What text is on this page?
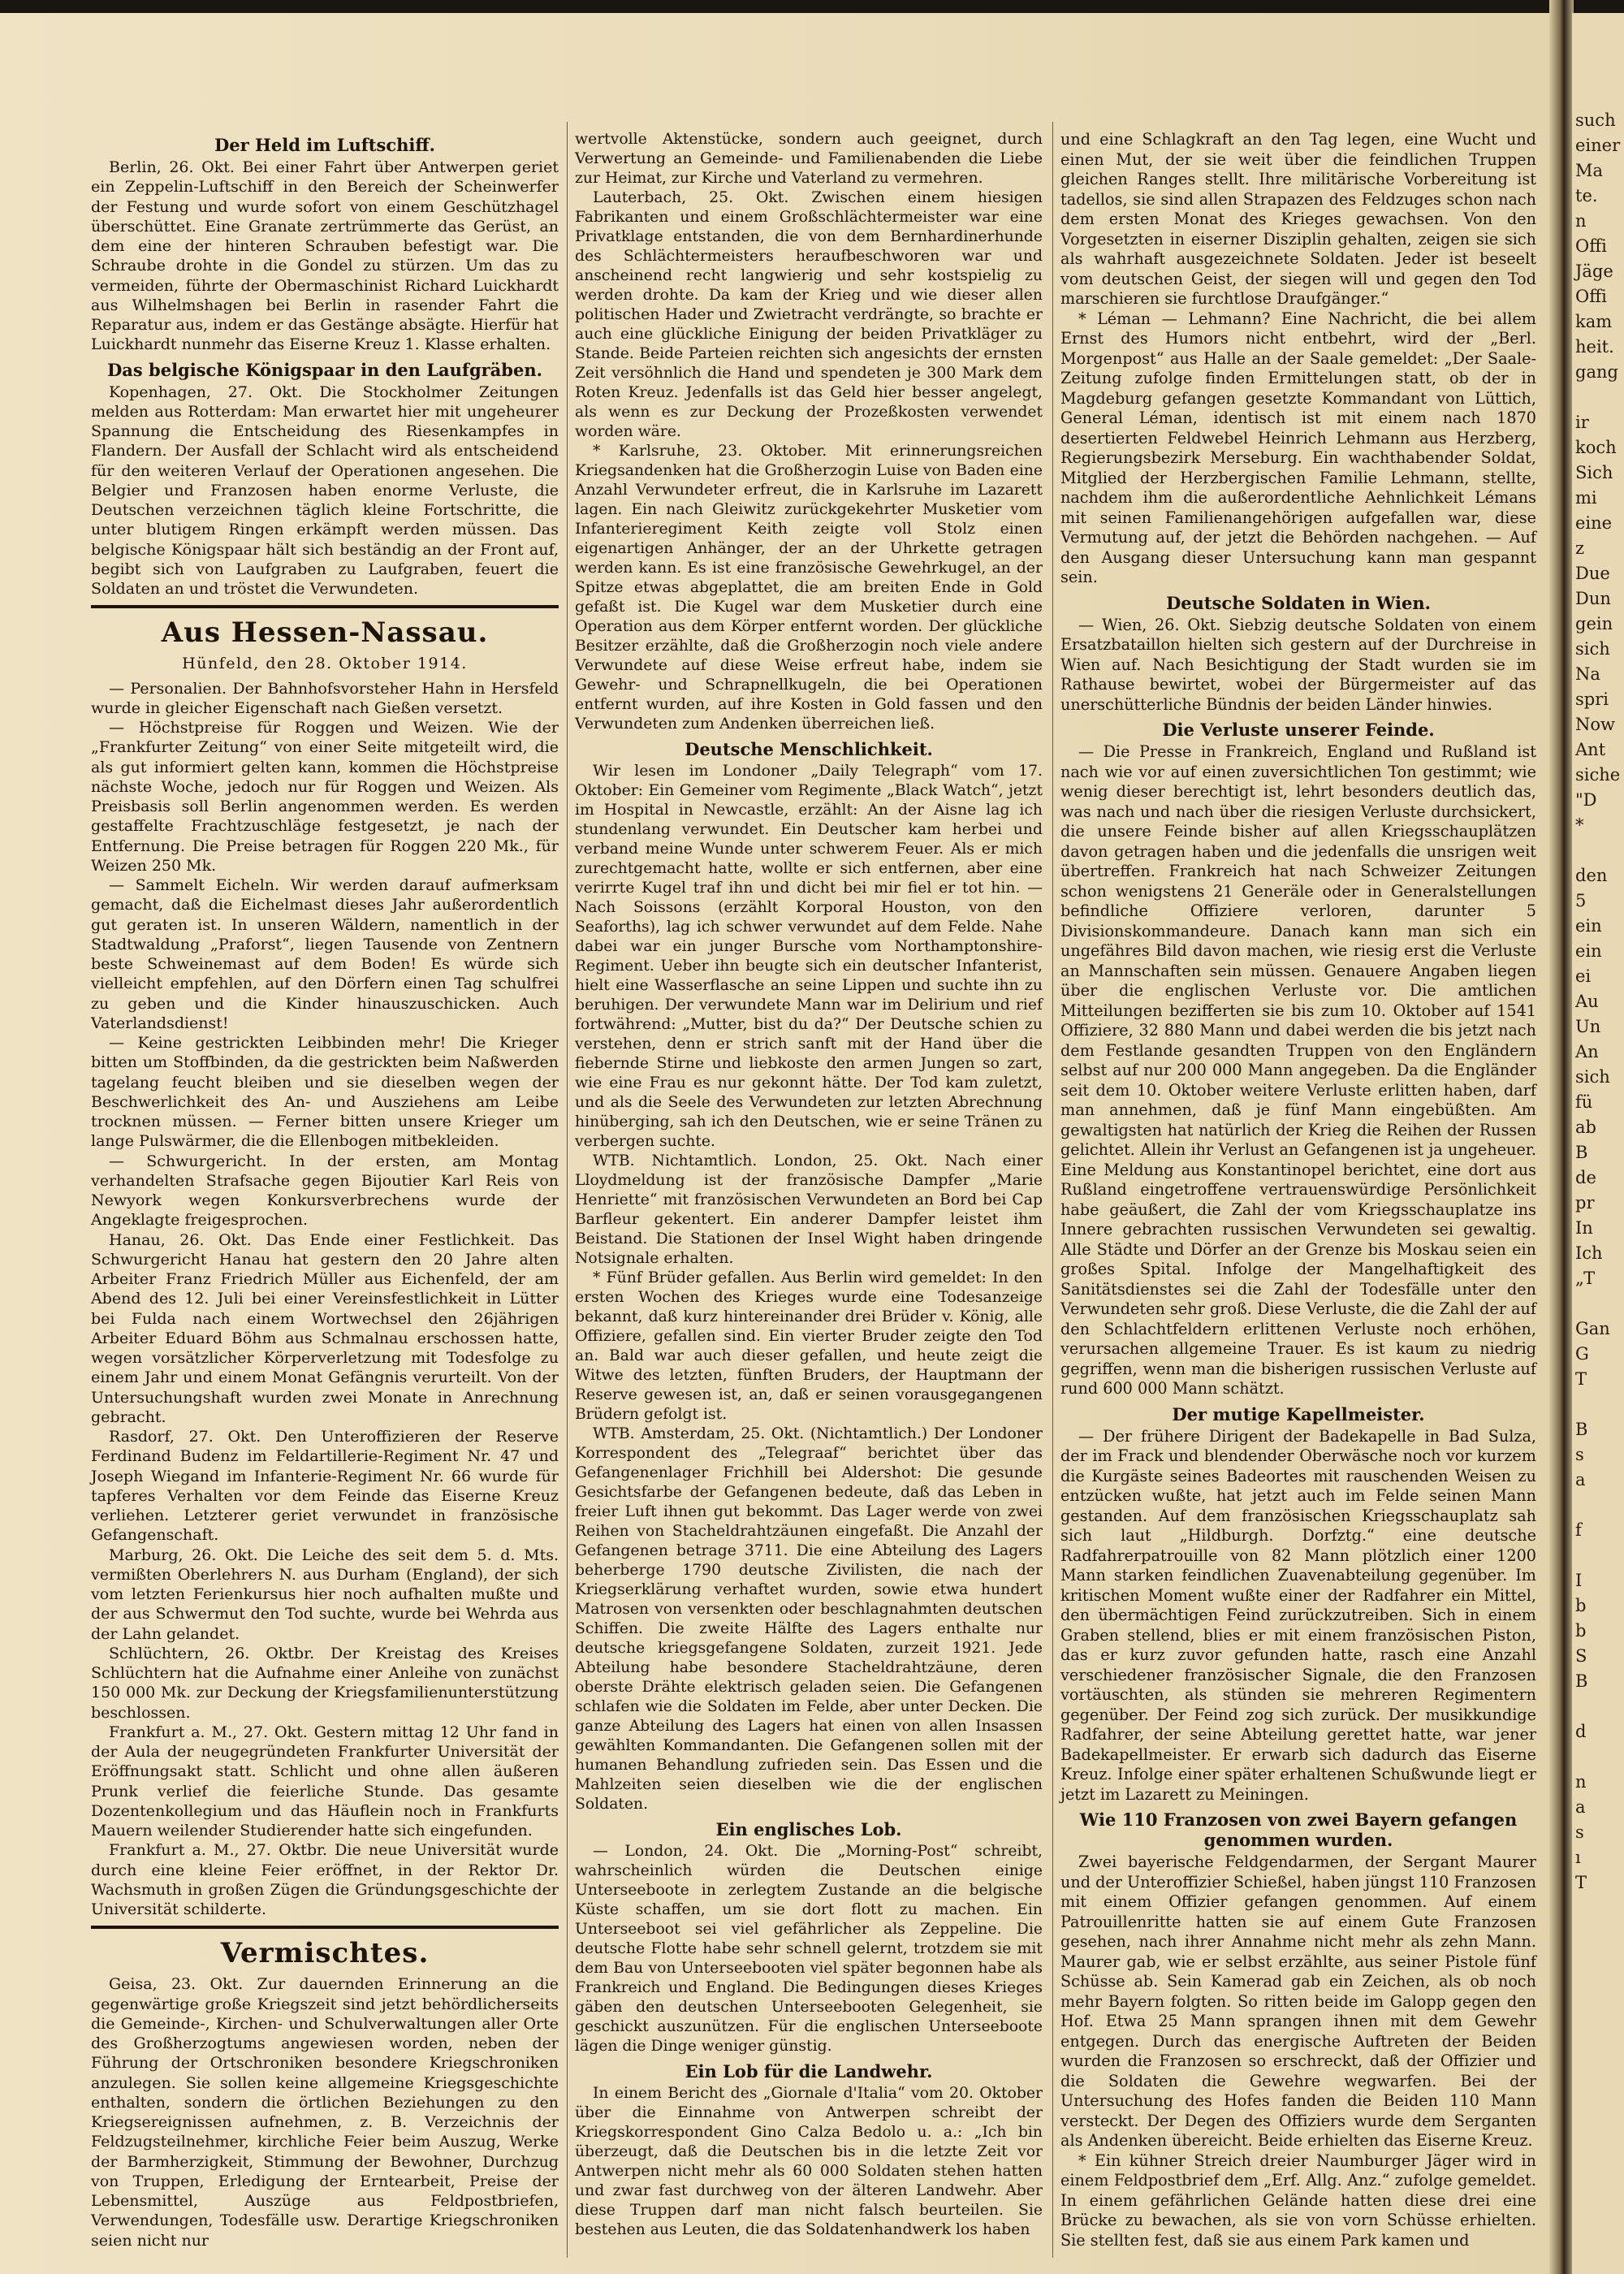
Der Held im Luftschiff.

Berlin, 26. Okt. Bei einer Fahrt über Antwerpen geriet ein Zeppelin-Luftschiff in den Bereich der Scheinwerfer der Festung und wurde sofort von einem Geschützhagel überschüttet. Eine Granate zertrümmerte das Gerüst, an dem eine der hinteren Schrauben befestigt war. Die Schraube drohte in die Gondel zu stürzen. Um das zu vermeiden, führte der Obermaschinist Richard Luickhardt aus Wilhelmshagen bei Berlin in rasender Fahrt die Reparatur aus, indem er das Gestänge absägte. Hierfür hat Luickhardt nunmehr das Eiserne Kreuz 1. Klasse erhalten.

Das belgische Königspaar in den Laufgräben.

Kopenhagen, 27. Okt. Die Stockholmer Zeitungen melden aus Rotterdam: Man erwartet hier mit ungeheurer Spannung die Entscheidung des Riesenkampfes in Flandern. Der Ausfall der Schlacht wird als entscheidend für den weiteren Verlauf der Operationen angesehen. Die Belgier und Franzosen haben enorme Verluste, die Deutschen verzeichnen täglich kleine Fortschritte, die unter blutigem Ringen erkämpft werden müssen. Das belgische Königspaar hält sich beständig an der Front auf, begibt sich von Laufgraben zu Laufgraben, feuert die Soldaten an und tröstet die Verwundeten.

Aus Hessen-Nassau.
Hünfeld, den 28. Oktober 1914.

— Personalien. Der Bahnhofsvorsteher Hahn in Hersfeld wurde in gleicher Eigenschaft nach Gießen versetzt.

— Höchstpreise für Roggen und Weizen. Wie der „Frankfurter Zeitung“ von einer Seite mitgeteilt wird, die als gut informiert gelten kann, kommen die Höchstpreise nächste Woche, jedoch nur für Roggen und Weizen. Als Preisbasis soll Berlin angenommen werden. Es werden gestaffelte Frachtzuschläge festgesetzt, je nach der Entfernung. Die Preise betragen für Roggen 220 Mk., für Weizen 250 Mk.

— Sammelt Eicheln. Wir werden darauf aufmerksam gemacht, daß die Eichelmast dieses Jahr außerordentlich gut geraten ist. In unseren Wäldern, namentlich in der Stadtwaldung „Praforst“, liegen Tausende von Zentnern beste Schweinemast auf dem Boden! Es würde sich vielleicht empfehlen, auf den Dörfern einen Tag schulfrei zu geben und die Kinder hinauszuschicken. Auch Vaterlandsdienst!

— Keine gestrickten Leibbinden mehr! Die Krieger bitten um Stoffbinden, da die gestrickten beim Naßwerden tagelang feucht bleiben und sie dieselben wegen der Beschwerlichkeit des An- und Ausziehens am Leibe trocknen müssen. — Ferner bitten unsere Krieger um lange Pulswärmer, die die Ellenbogen mitbekleiden.

— Schwurgericht. In der ersten, am Montag verhandelten Strafsache gegen Bijoutier Karl Reis von Newyork wegen Konkursverbrechens wurde der Angeklagte freigesprochen.

Hanau, 26. Okt. Das Ende einer Festlichkeit. Das Schwurgericht Hanau hat gestern den 20 Jahre alten Arbeiter Franz Friedrich Müller aus Eichenfeld, der am Abend des 12. Juli bei einer Vereinsfestlichkeit in Lütter bei Fulda nach einem Wortwechsel den 26jährigen Arbeiter Eduard Böhm aus Schmalnau erschossen hatte, wegen vorsätzlicher Körperverletzung mit Todesfolge zu einem Jahr und einem Monat Gefängnis verurteilt. Von der Untersuchungshaft wurden zwei Monate in Anrechnung gebracht.

Rasdorf, 27. Okt. Den Unteroffizieren der Reserve Ferdinand Budenz im Feldartillerie-Regiment Nr. 47 und Joseph Wiegand im Infanterie-Regiment Nr. 66 wurde für tapferes Verhalten vor dem Feinde das Eiserne Kreuz verliehen. Letzterer geriet verwundet in französische Gefangenschaft.

Marburg, 26. Okt. Die Leiche des seit dem 5. d. Mts. vermißten Oberlehrers N. aus Durham (England), der sich vom letzten Ferienkursus hier noch aufhalten mußte und der aus Schwermut den Tod suchte, wurde bei Wehrda aus der Lahn gelandet.

Schlüchtern, 26. Oktbr. Der Kreistag des Kreises Schlüchtern hat die Aufnahme einer Anleihe von zunächst 150 000 Mk. zur Deckung der Kriegsfamilienunterstützung beschlossen.

Frankfurt a. M., 27. Okt. Gestern mittag 12 Uhr fand in der Aula der neugegründeten Frankfurter Universität der Eröffnungsakt statt. Schlicht und ohne allen äußeren Prunk verlief die feierliche Stunde. Das gesamte Dozentenkollegium und das Häuflein noch in Frankfurts Mauern weilender Studierender hatte sich eingefunden.

Frankfurt a. M., 27. Oktbr. Die neue Universität wurde durch eine kleine Feier eröffnet, in der Rektor Dr. Wachsmuth in großen Zügen die Gründungsgeschichte der Universität schilderte.

Vermischtes.

Geisa, 23. Okt. Zur dauernden Erinnerung an die gegenwärtige große Kriegszeit sind jetzt behördlicherseits die Gemeinde-, Kirchen- und Schulverwaltungen aller Orte des Großherzogtums angewiesen worden, neben der Führung der Ortschroniken besondere Kriegschroniken anzulegen. Sie sollen keine allgemeine Kriegsgeschichte enthalten, sondern die örtlichen Beziehungen zu den Kriegsereignissen aufnehmen, z. B. Verzeichnis der Feldzugsteilnehmer, kirchliche Feier beim Auszug, Werke der Barmherzigkeit, Stimmung der Bewohner, Durchzug von Truppen, Erledigung der Erntearbeit, Preise der Lebensmittel, Auszüge aus Feldpostbriefen, Verwendungen, Todesfälle usw. Derartige Kriegschroniken seien nicht nur

wertvolle Aktenstücke, sondern auch geeignet, durch Verwertung an Gemeinde- und Familienabenden die Liebe zur Heimat, zur Kirche und Vaterland zu vermehren.

Lauterbach, 25. Okt. Zwischen einem hiesigen Fabrikanten und einem Großschlächtermeister war eine Privatklage entstanden, die von dem Bernhardinerhunde des Schlächtermeisters heraufbeschworen war und anscheinend recht langwierig und sehr kostspielig zu werden drohte. Da kam der Krieg und wie dieser allen politischen Hader und Zwietracht verdrängte, so brachte er auch eine glückliche Einigung der beiden Privatkläger zu Stande. Beide Parteien reichten sich angesichts der ernsten Zeit versöhnlich die Hand und spendeten je 300 Mark dem Roten Kreuz. Jedenfalls ist das Geld hier besser angelegt, als wenn es zur Deckung der Prozeßkosten verwendet worden wäre.

* Karlsruhe, 23. Oktober. Mit erinnerungsreichen Kriegsandenken hat die Großherzogin Luise von Baden eine Anzahl Verwundeter erfreut, die in Karlsruhe im Lazarett lagen. Ein nach Gleiwitz zurückgekehrter Musketier vom Infanterieregiment Keith zeigte voll Stolz einen eigenartigen Anhänger, der an der Uhrkette getragen werden kann. Es ist eine französische Gewehrkugel, an der Spitze etwas abgeplattet, die am breiten Ende in Gold gefaßt ist. Die Kugel war dem Musketier durch eine Operation aus dem Körper entfernt worden. Der glückliche Besitzer erzählte, daß die Großherzogin noch viele andere Verwundete auf diese Weise erfreut habe, indem sie Gewehr- und Schrapnellkugeln, die bei Operationen entfernt wurden, auf ihre Kosten in Gold fassen und den Verwundeten zum Andenken überreichen ließ.

Deutsche Menschlichkeit.

Wir lesen im Londoner „Daily Telegraph“ vom 17. Oktober: Ein Gemeiner vom Regimente „Black Watch“, jetzt im Hospital in Newcastle, erzählt: An der Aisne lag ich stundenlang verwundet. Ein Deutscher kam herbei und verband meine Wunde unter schwerem Feuer. Als er mich zurechtgemacht hatte, wollte er sich entfernen, aber eine verirrte Kugel traf ihn und dicht bei mir fiel er tot hin. — Nach Soissons (erzählt Korporal Houston, von den Seaforths), lag ich schwer verwundet auf dem Felde. Nahe dabei war ein junger Bursche vom Northamptonshire-Regiment. Ueber ihn beugte sich ein deutscher Infanterist, hielt eine Wasserflasche an seine Lippen und suchte ihn zu beruhigen. Der verwundete Mann war im Delirium und rief fortwährend: „Mutter, bist du da?“ Der Deutsche schien zu verstehen, denn er strich sanft mit der Hand über die fiebernde Stirne und liebkoste den armen Jungen so zart, wie eine Frau es nur gekonnt hätte. Der Tod kam zuletzt, und als die Seele des Verwundeten zur letzten Abrechnung hinüberging, sah ich den Deutschen, wie er seine Tränen zu verbergen suchte.

WTB. Nichtamtlich. London, 25. Okt. Nach einer Lloydmeldung ist der französische Dampfer „Marie Henriette“ mit französischen Verwundeten an Bord bei Cap Barfleur gekentert. Ein anderer Dampfer leistet ihm Beistand. Die Stationen der Insel Wight haben dringende Notsignale erhalten.

* Fünf Brüder gefallen. Aus Berlin wird gemeldet: In den ersten Wochen des Krieges wurde eine Todesanzeige bekannt, daß kurz hintereinander drei Brüder v. König, alle Offiziere, gefallen sind. Ein vierter Bruder zeigte den Tod an. Bald war auch dieser gefallen, und heute zeigt die Witwe des letzten, fünften Bruders, der Hauptmann der Reserve gewesen ist, an, daß er seinen vorausgegangenen Brüdern gefolgt ist.

WTB. Amsterdam, 25. Okt. (Nichtamtlich.) Der Londoner Korrespondent des „Telegraaf“ berichtet über das Gefangenenlager Frichhill bei Aldershot: Die gesunde Gesichtsfarbe der Gefangenen bedeute, daß das Leben in freier Luft ihnen gut bekommt. Das Lager werde von zwei Reihen von Stacheldrahtzäunen eingefaßt. Die Anzahl der Gefangenen betrage 3711. Die eine Abteilung des Lagers beherberge 1790 deutsche Zivilisten, die nach der Kriegserklärung verhaftet wurden, sowie etwa hundert Matrosen von versenkten oder beschlagnahmten deutschen Schiffen. Die zweite Hälfte des Lagers enthalte nur deutsche kriegsgefangene Soldaten, zurzeit 1921. Jede Abteilung habe besondere Stacheldrahtzäune, deren oberste Drähte elektrisch geladen seien. Die Gefangenen schlafen wie die Soldaten im Felde, aber unter Decken. Die ganze Abteilung des Lagers hat einen von allen Insassen gewählten Kommandanten. Die Gefangenen sollen mit der humanen Behandlung zufrieden sein. Das Essen und die Mahlzeiten seien dieselben wie die der englischen Soldaten.

Ein englisches Lob.

— London, 24. Okt. Die „Morning-Post“ schreibt, wahrscheinlich würden die Deutschen einige Unterseeboote in zerlegtem Zustande an die belgische Küste schaffen, um sie dort flott zu machen. Ein Unterseeboot sei viel gefährlicher als Zeppeline. Die deutsche Flotte habe sehr schnell gelernt, trotzdem sie mit dem Bau von Unterseebooten viel später begonnen habe als Frankreich und England. Die Bedingungen dieses Krieges gäben den deutschen Unterseebooten Gelegenheit, sie geschickt auszunützen. Für die englischen Unterseeboote lägen die Dinge weniger günstig.

Ein Lob für die Landwehr.

In einem Bericht des „Giornale d'Italia“ vom 20. Oktober über die Einnahme von Antwerpen schreibt der Kriegskorrespondent Gino Calza Bedolo u. a.: „Ich bin überzeugt, daß die Deutschen bis in die letzte Zeit vor Antwerpen nicht mehr als 60 000 Soldaten stehen hatten und zwar fast durchweg von der älteren Landwehr. Aber diese Truppen darf man nicht falsch beurteilen. Sie bestehen aus Leuten, die das Soldatenhandwerk los haben

und eine Schlagkraft an den Tag legen, eine Wucht und einen Mut, der sie weit über die feindlichen Truppen gleichen Ranges stellt. Ihre militärische Vorbereitung ist tadellos, sie sind allen Strapazen des Feldzuges schon nach dem ersten Monat des Krieges gewachsen. Von den Vorgesetzten in eiserner Disziplin gehalten, zeigen sie sich als wahrhaft ausgezeichnete Soldaten. Jeder ist beseelt vom deutschen Geist, der siegen will und gegen den Tod marschieren sie furchtlose Draufgänger.“

* Léman — Lehmann? Eine Nachricht, die bei allem Ernst des Humors nicht entbehrt, wird der „Berl. Morgenpost“ aus Halle an der Saale gemeldet: „Der Saale-Zeitung zufolge finden Ermittelungen statt, ob der in Magdeburg gefangen gesetzte Kommandant von Lüttich, General Léman, identisch ist mit einem nach 1870 desertierten Feldwebel Heinrich Lehmann aus Herzberg, Regierungsbezirk Merseburg. Ein wachthabender Soldat, Mitglied der Herzbergischen Familie Lehmann, stellte, nachdem ihm die außerordentliche Aehnlichkeit Lémans mit seinen Familienangehörigen aufgefallen war, diese Vermutung auf, der jetzt die Behörden nachgehen. — Auf den Ausgang dieser Untersuchung kann man gespannt sein.

Deutsche Soldaten in Wien.

— Wien, 26. Okt. Siebzig deutsche Soldaten von einem Ersatzbataillon hielten sich gestern auf der Durchreise in Wien auf. Nach Besichtigung der Stadt wurden sie im Rathause bewirtet, wobei der Bürgermeister auf das unerschütterliche Bündnis der beiden Länder hinwies.

Die Verluste unserer Feinde.

— Die Presse in Frankreich, England und Rußland ist nach wie vor auf einen zuversichtlichen Ton gestimmt; wie wenig dieser berechtigt ist, lehrt besonders deutlich das, was nach und nach über die riesigen Verluste durchsickert, die unsere Feinde bisher auf allen Kriegsschauplätzen davon getragen haben und die jedenfalls die unsrigen weit übertreffen. Frankreich hat nach Schweizer Zeitungen schon wenigstens 21 Generäle oder in Generalstellungen befindliche Offiziere verloren, darunter 5 Divisionskommandeure. Danach kann man sich ein ungefähres Bild davon machen, wie riesig erst die Verluste an Mannschaften sein müssen. Genauere Angaben liegen über die englischen Verluste vor. Die amtlichen Mitteilungen bezifferten sie bis zum 10. Oktober auf 1541 Offiziere, 32 880 Mann und dabei werden die bis jetzt nach dem Festlande gesandten Truppen von den Engländern selbst auf nur 200 000 Mann angegeben. Da die Engländer seit dem 10. Oktober weitere Verluste erlitten haben, darf man annehmen, daß je fünf Mann eingebüßten. Am gewaltigsten hat natürlich der Krieg die Reihen der Russen gelichtet. Allein ihr Verlust an Gefangenen ist ja ungeheuer. Eine Meldung aus Konstantinopel berichtet, eine dort aus Rußland eingetroffene vertrauenswürdige Persönlichkeit habe geäußert, die Zahl der vom Kriegsschauplatze ins Innere gebrachten russischen Verwundeten sei gewaltig. Alle Städte und Dörfer an der Grenze bis Moskau seien ein großes Spital. Infolge der Mangelhaftigkeit des Sanitätsdienstes sei die Zahl der Todesfälle unter den Verwundeten sehr groß. Diese Verluste, die die Zahl der auf den Schlachtfeldern erlittenen Verluste noch erhöhen, verursachen allgemeine Trauer. Es ist kaum zu niedrig gegriffen, wenn man die bisherigen russischen Verluste auf rund 600 000 Mann schätzt.

Der mutige Kapellmeister.

— Der frühere Dirigent der Badekapelle in Bad Sulza, der im Frack und blendender Oberwäsche noch vor kurzem die Kurgäste seines Badeortes mit rauschenden Weisen zu entzücken wußte, hat jetzt auch im Felde seinen Mann gestanden. Auf dem französischen Kriegsschauplatz sah sich laut „Hildburgh. Dorfztg.“ eine deutsche Radfahrerpatrouille von 82 Mann plötzlich einer 1200 Mann starken feindlichen Zuavenabteilung gegenüber. Im kritischen Moment wußte einer der Radfahrer ein Mittel, den übermächtigen Feind zurückzutreiben. Sich in einem Graben stellend, blies er mit einem französischen Piston, das er kurz zuvor gefunden hatte, rasch eine Anzahl verschiedener französischer Signale, die den Franzosen vortäuschten, als stünden sie mehreren Regimentern gegenüber. Der Feind zog sich zurück. Der musikkundige Radfahrer, der seine Abteilung gerettet hatte, war jener Badekapellmeister. Er erwarb sich dadurch das Eiserne Kreuz. Infolge einer später erhaltenen Schußwunde liegt er jetzt im Lazarett zu Meiningen.

Wie 110 Franzosen von zwei Bayern gefangen genommen wurden.

Zwei bayerische Feldgendarmen, der Sergant Maurer und der Unteroffizier Schießel, haben jüngst 110 Franzosen mit einem Offizier gefangen genommen. Auf einem Patrouillenritte hatten sie auf einem Gute Franzosen gesehen, nach ihrer Annahme nicht mehr als zehn Mann. Maurer gab, wie er selbst erzählte, aus seiner Pistole fünf Schüsse ab. Sein Kamerad gab ein Zeichen, als ob noch mehr Bayern folgten. So ritten beide im Galopp gegen den Hof. Etwa 25 Mann sprangen ihnen mit dem Gewehr entgegen. Durch das energische Auftreten der Beiden wurden die Franzosen so erschreckt, daß der Offizier und die Soldaten die Gewehre wegwarfen. Bei der Untersuchung des Hofes fanden die Beiden 110 Mann versteckt. Der Degen des Offiziers wurde dem Serganten als Andenken übereicht. Beide erhielten das Eiserne Kreuz.

* Ein kühner Streich dreier Naumburger Jäger wird in einem Feldpostbrief dem „Erf. Allg. Anz.“ zufolge gemeldet. In einem gefährlichen Gelände hatten diese drei eine Brücke zu bewachen, als sie von vorn Schüsse erhielten. Sie stellten fest, daß sie aus einem Park kamen und

such
einer
Ma
te.
n
Offi
Jäge
Offi
kam
heit.
gang
ir
koch
Sich
mi
eine
z
Due
Dun
gein
sich
Na
spri
Now
Ant
siche
"D
*
den
5
ein
ein
ei
Au
Un
An
sich
fü
ab
B
de
pr
In
Ich
„T
Gan
G
T
B
s
a
f
I
b
b
S
B
d
n
a
s
ı
T
